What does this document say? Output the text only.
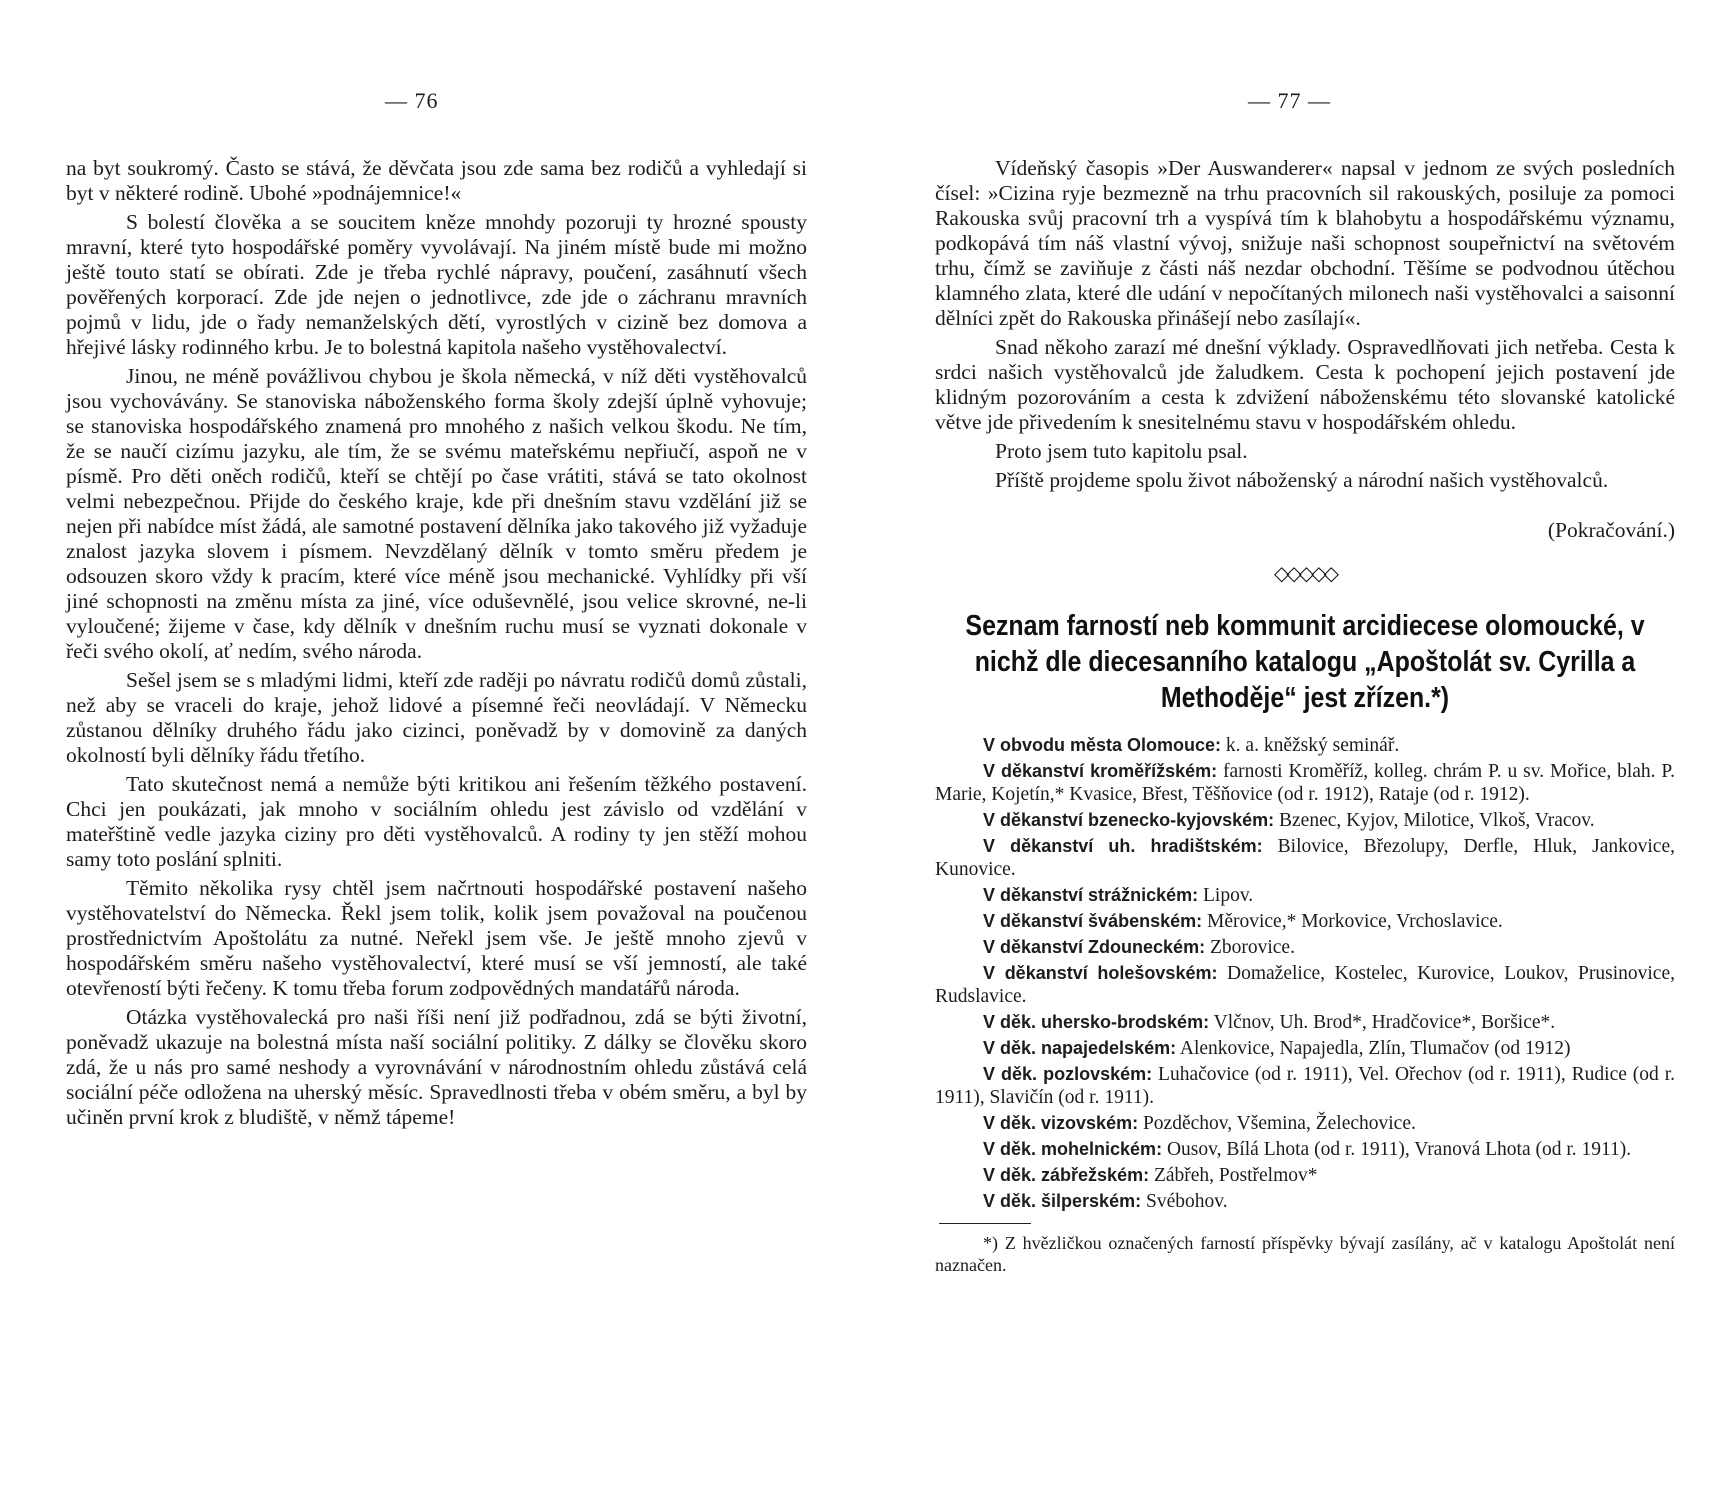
— 76

na byt soukromý. Často se stává, že děvčata jsou zde sama bez rodičů a vyhledají si byt v některé rodině. Ubohé »podnájemnice!«

S bolestí člověka a se soucitem kněze mnohdy pozoruji ty hrozné spousty mravní, které tyto hospodářské poměry vyvolávají. Na jiném místě bude mi možno ještě touto statí se obírati. Zde je třeba rychlé nápravy, poučení, zasáhnutí všech pověřených korporací. Zde jde nejen o jednotlivce, zde jde o záchranu mravních pojmů v lidu, jde o řady nemanželských dětí, vyrostlých v cizině bez domova a hřejivé lásky rodinného krbu. Je to bolestná kapitola našeho vystěhovalectví.

Jinou, ne méně povážlivou chybou je škola německá, v níž děti vystěhovalců jsou vychovávány. Se stanoviska náboženského forma školy zdejší úplně vyhovuje; se stanoviska hospodářského znamená pro mnohého z našich velkou škodu. Ne tím, že se naučí cizímu jazyku, ale tím, že se svému mateřskému nepřiučí, aspoň ne v písmě. Pro děti oněch rodičů, kteří se chtějí po čase vrátiti, stává se tato okolnost velmi nebezpečnou. Přijde do českého kraje, kde při dnešním stavu vzdělání již se nejen při nabídce míst žádá, ale samotné postavení dělníka jako takového již vyžaduje znalost jazyka slovem i písmem. Nevzdělaný dělník v tomto směru předem je odsouzen skoro vždy k pracím, které více méně jsou mechanické. Vyhlídky při vší jiné schopnosti na změnu místa za jiné, více oduševnělé, jsou velice skrovné, ne-li vyloučené; žijeme v čase, kdy dělník v dnešním ruchu musí se vyznati dokonale v řeči svého okolí, ať nedím, svého národa.

Sešel jsem se s mladými lidmi, kteří zde raději po návratu rodičů domů zůstali, než aby se vraceli do kraje, jehož lidové a písemné řeči neovládají. V Německu zůstanou dělníky druhého řádu jako cizinci, poněvadž by v domovině za daných okolností byli dělníky řádu třetího.

Tato skutečnost nemá a nemůže býti kritikou ani řešením těžkého postavení. Chci jen poukázati, jak mnoho v sociálním ohledu jest závislo od vzdělání v mateřštině vedle jazyka ciziny pro děti vystěhovalců. A rodiny ty jen stěží mohou samy toto poslání splniti.

Těmito několika rysy chtěl jsem načrtnouti hospodářské postavení našeho vystěhovatelství do Německa. Řekl jsem tolik, kolik jsem považoval na poučenou prostřednictvím Apoštolátu za nutné. Neřekl jsem vše. Je ještě mnoho zjevů v hospodářském směru našeho vystěhovalectví, které musí se vší jemností, ale také otevřeností býti řečeny. K tomu třeba forum zodpovědných mandatářů národa.

Otázka vystěhovalecká pro naši říši není již podřadnou, zdá se býti životní, poněvadž ukazuje na bolestná místa naší sociální politiky. Z dálky se člověku skoro zdá, že u nás pro samé neshody a vyrovnávání v národnostním ohledu zůstává celá sociální péče odložena na uherský měsíc. Spravedlnosti třeba v obém směru, a byl by učiněn první krok z bludiště, v němž tápeme!

— 77 —

Vídeňský časopis »Der Auswanderer« napsal v jednom ze svých posledních čísel: »Cizina ryje bezmezně na trhu pracovních sil rakouských, posiluje za pomoci Rakouska svůj pracovní trh a vyspívá tím k blahobytu a hospodářskému významu, podkopává tím náš vlastní vývoj, snižuje naši schopnost soupeřnictví na světovém trhu, čímž se zaviňuje z části náš nezdar obchodní. Těšíme se podvodnou útěchou klamného zlata, které dle udání v nepočítaných milonech naši vystěhovalci a saisonní dělníci zpět do Rakouska přinášejí nebo zasílají«.

Snad někoho zarazí mé dnešní výklady. Ospravedlňovati jich netřeba. Cesta k srdci našich vystěhovalců jde žaludkem. Cesta k pochopení jejich postavení jde klidným pozorováním a cesta k zdvižení náboženskému této slovanské katolické větve jde přivedením k snesitelnému stavu v hospodářském ohledu.

Proto jsem tuto kapitolu psal.

Příště projdeme spolu život náboženský a národní našich vystěhovalců.
(Pokračování.)

◇◇◇◇◇
Seznam farností neb kommunit arcidiecese olomoucké, v nichž dle diecesanního katalogu „Apoštolát sv. Cyrilla a Methoděje“ jest zřízen.*)

V obvodu města Olomouce: k. a. kněžský seminář.

V děkanství kroměřížském: farnosti Kroměříž, kolleg. chrám P. u sv. Mořice, blah. P. Marie, Kojetín,* Kvasice, Břest, Těšňovice (od r. 1912), Rataje (od r. 1912).

V děkanství bzenecko-kyjovském: Bzenec, Kyjov, Milotice, Vlkoš, Vracov.

V děkanství uh. hradištském: Bilovice, Březolupy, Derfle, Hluk, Jankovice, Kunovice.

V děkanství strážnickém: Lipov.

V děkanství švábenském: Měrovice,* Morkovice, Vrchoslavice.

V děkanství Zdouneckém: Zborovice.

V děkanství holešovském: Domaželice, Kostelec, Kurovice, Loukov, Prusinovice, Rudslavice.

V děk. uhersko-brodském: Vlčnov, Uh. Brod*, Hradčovice*, Boršice*.

V děk. napajedelském: Alenkovice, Napajedla, Zlín, Tlumačov (od 1912)

V děk. pozlovském: Luhačovice (od r. 1911), Vel. Ořechov (od r. 1911), Rudice (od r. 1911), Slavičín (od r. 1911).

V děk. vizovském: Pozděchov, Všemina, Želechovice.

V děk. mohelnickém: Ousov, Bílá Lhota (od r. 1911), Vranová Lhota (od r. 1911).

V děk. zábřežském: Zábřeh, Postřelmov*

V děk. šilperském: Svébohov.

*) Z hvězličkou označených farností příspěvky bývají zasílány, ač v katalogu Apoštolát není naznačen.
